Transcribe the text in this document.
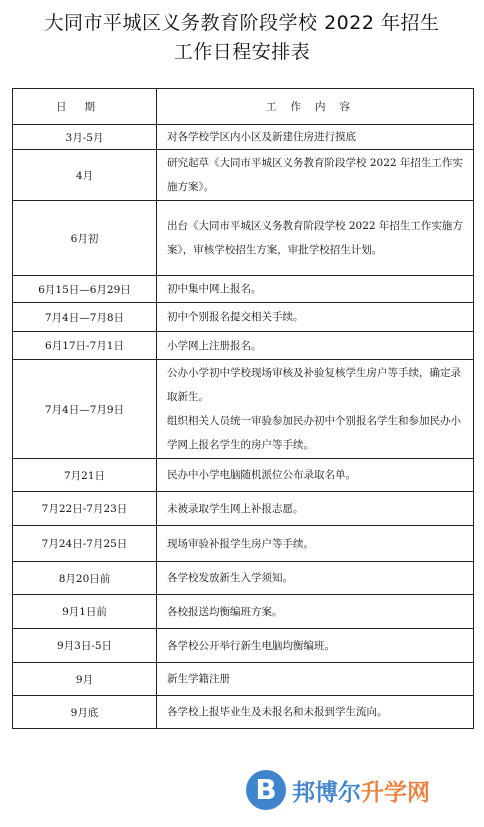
大同市平城区义务教育阶段学校 2022 年招生
工作日程安排表
日期	工作内容
3月-5月	对各学校学区内小区及新建住房进行摸底

4月	研究起草《大同市平城区义务教育阶段学校 2022 年招生工作实施方案》。

6月初	出台《大同市平城区义务教育阶段学校 2022 年招生工作实施方案》，审核学校招生方案，审批学校招生计划。

6月15日—6月29日	初中集中网上报名。

7月4日—7月8日	初中个别报名提交相关手续。

6月17日-7月1日	小学网上注册报名。

7月4日—7月9日	公办小学初中学校现场审核及补验复核学生房户等手续，确定录取新生。
组织相关人员统一审验参加民办初中个别报名学生和参加民办小学网上报名学生的房户等手续。

7月21日	民办中小学电脑随机派位公布录取名单。

7月22日-7月23日	未被录取学生网上补报志愿。

7月24日-7月25日	现场审验补报学生房户等手续。

8月20日前	各学校发放新生入学须知。

9月1日前	各校报送均衡编班方案。

9月3日-5日	各学校公开举行新生电脑均衡编班。

9月	新生学籍注册

9月底	各学校上报毕业生及未报名和未报到学生流向。
B 邦博尔升学网
